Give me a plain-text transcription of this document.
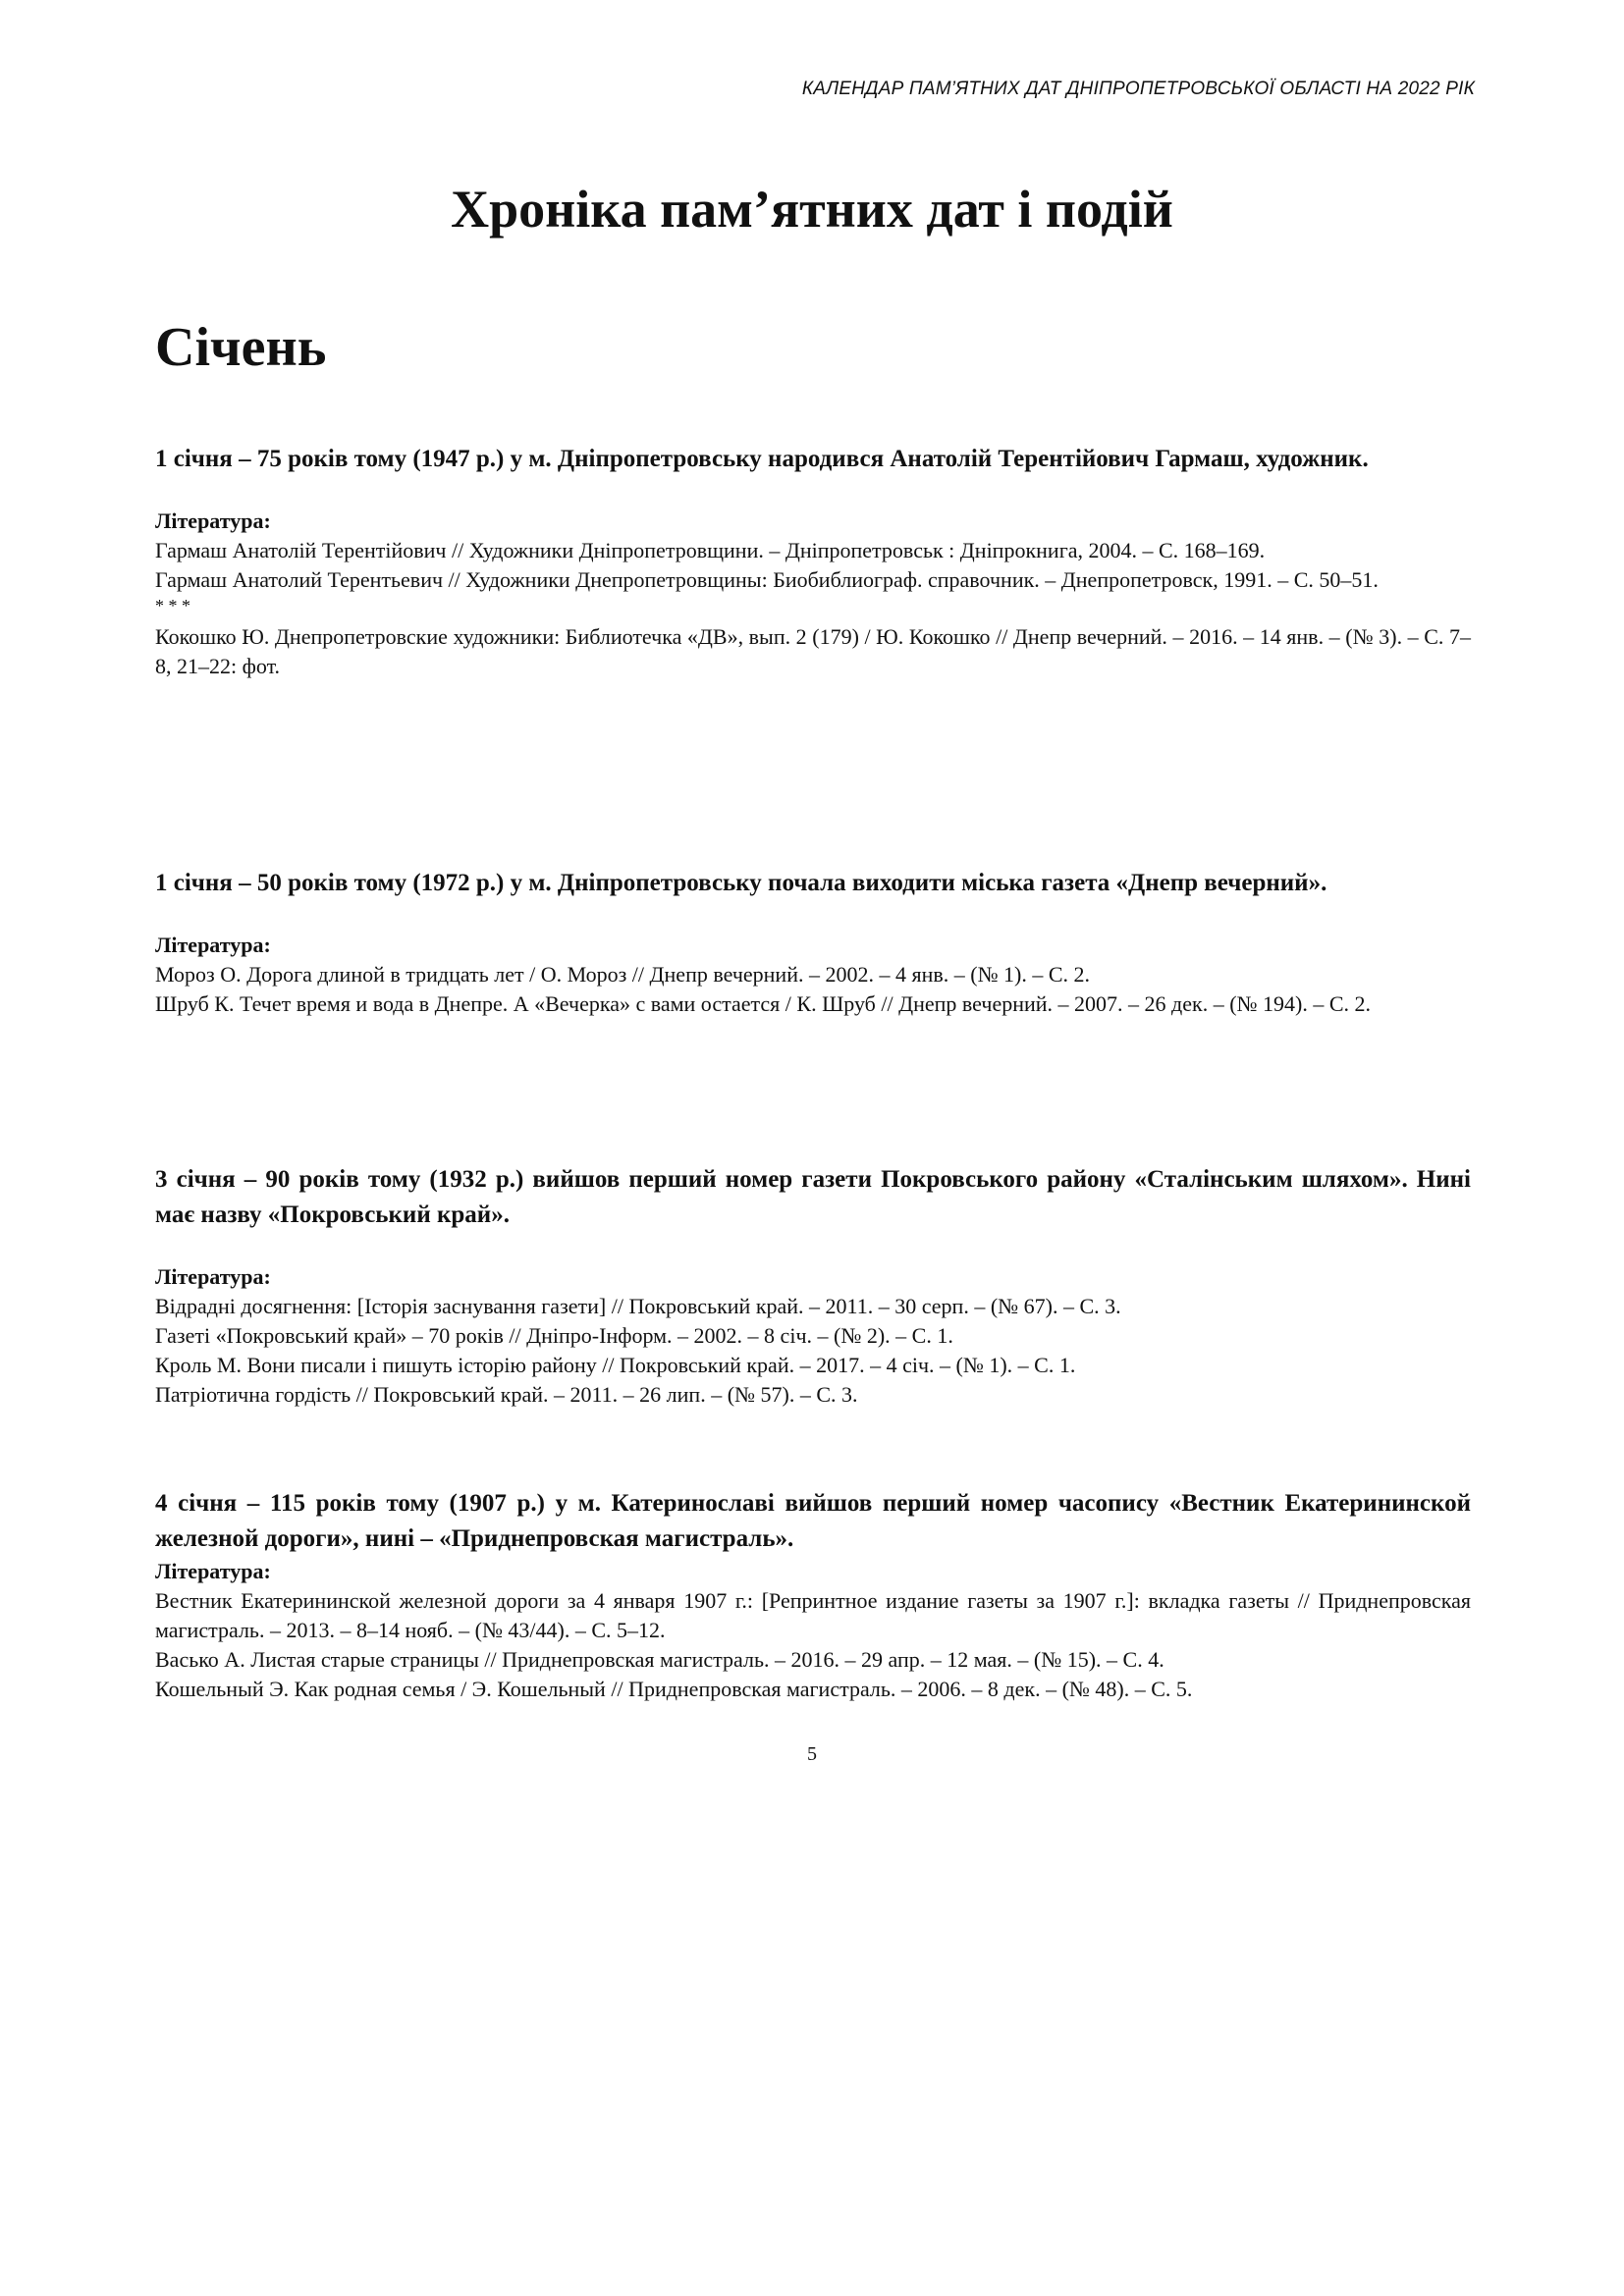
КАЛЕНДАР ПАМ’ЯТНИХ ДАТ ДНІПРОПЕТРОВСЬКОЇ ОБЛАСТІ НА 2022 РІК
Хроніка пам’ятних дат і подій
Січень

1 січня – 75 років тому (1947 р.) у м. Дніпропетровську народився Анатолій Терентійович Гармаш, художник.

Література:

Гармаш Анатолій Терентійович // Художники Дніпропетровщини. – Дніпропетровськ : Дніпрокнига, 2004. – С. 168–169.

Гармаш Анатолий Терентьевич // Художники Днепропетровщины: Биобиблиограф. справочник. – Днепропетровск, 1991. – С. 50–51.

* * *

Кокошко Ю. Днепропетровские художники: Библиотечка «ДВ», вып. 2 (179) / Ю. Кокошко // Днепр вечерний. – 2016. – 14 янв. – (№ 3). – С. 7–8, 21–22: фот.

1 січня – 50 років тому (1972 р.) у м. Дніпропетровську почала виходити міська газета «Днепр вечерний».

Література:

Мороз О. Дорога длиной в тридцать лет / О. Мороз // Днепр вечерний. – 2002. – 4 янв. – (№ 1). – С. 2.

Шруб К. Течет время и вода в Днепре. А «Вечерка» с вами остается / К. Шруб // Днепр вечерний. – 2007. – 26 дек. – (№ 194). – С. 2.

3 січня – 90 років тому (1932 р.) вийшов перший номер газети Покровського району «Сталінським шляхом». Нині має назву «Покровський край».

Література:

Відрадні досягнення: [Історія заснування газети] // Покровський край. – 2011. – 30 серп. – (№ 67). – С. 3.

Газеті «Покровський край» – 70 років // Дніпро-Інформ. – 2002. – 8 січ. – (№ 2). – С. 1.

Кроль М. Вони писали і пишуть історію району // Покровський край. – 2017. – 4 січ. – (№ 1). – С. 1.

Патріотична гордість // Покровський край. – 2011. – 26 лип. – (№ 57). – С. 3.

4 січня – 115 років тому (1907 р.) у м. Катеринославі вийшов перший номер часопису «Вестник Екатерининской железной дороги», нині – «Приднепровская магистраль».

Література:

Вестник Екатерининской железной дороги за 4 января 1907 г.: [Репринтное издание газеты за 1907 г.]: вкладка газеты // Приднепровская магистраль. – 2013. – 8–14 нояб. – (№ 43/44). – С. 5–12.

Васько А. Листая старые страницы // Приднепровская магистраль. – 2016. – 29 апр. – 12 мая. – (№ 15). – С. 4.

Кошельный Э. Как родная семья / Э. Кошельный // Приднепровская магистраль. – 2006. – 8 дек. – (№ 48). – С. 5.

5
